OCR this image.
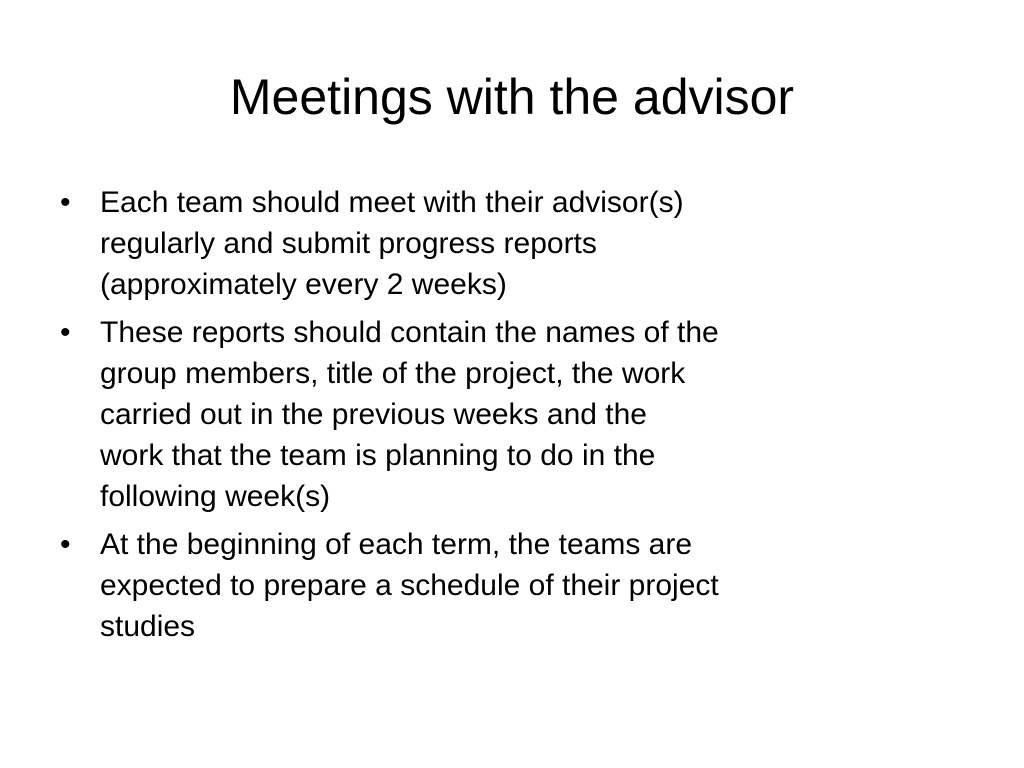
Meetings with the advisor
• Each team should meet with their advisor(s)
regularly and submit progress reports
(approximately every 2 weeks)
• These reports should contain the names of the
group members, title of the project, the work
carried out in the previous weeks and the
work that the team is planning to do in the
following week(s)
• At the beginning of each term, the teams are
expected to prepare a schedule of their project
studies
